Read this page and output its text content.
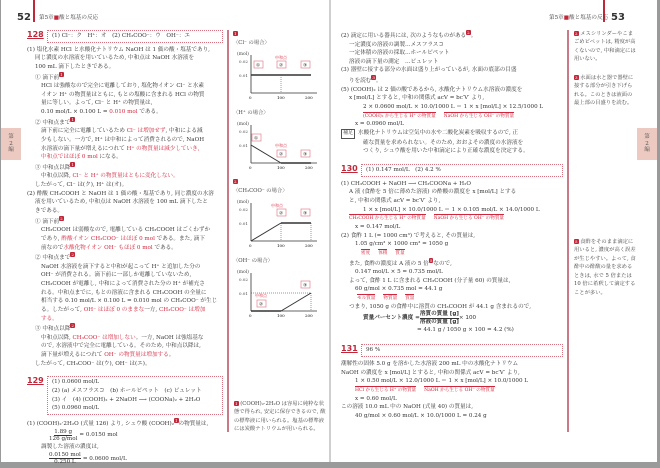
52 第5章■酸と塩基の反応
第
2
編
128	(1) Cl⁻：ク　H⁺：オ　(2) CH₃COO⁻：ウ　OH⁻：エ
(1) 塩化水素 HCl と水酸化ナトリウム NaOH は 1 価の酸・塩基であり,
同じ濃度の水溶液を用いているため, 中和点は NaOH 水溶液を
100 mL 滴下したときである。
① 滴下前1
HCl は強酸なので完全に電離しており, 塩化物イオン Cl⁻ と水素
イオン H⁺ の物質量はともに, もとの塩酸に含まれる HCl の物質
量に等しい。よって, Cl⁻ と H⁺ の物質量は,
0.10 mol/L × 0.100 L = 0.010 mol である。
② 中和点まで1
滴下前に完全に電離しているため Cl⁻ は増加せず, 中和による減
少もしない。一方で, H⁺ は中和によって消費されるので, NaOH
水溶液の滴下量が増えるにつれて H⁺ の物質量は減少していき,
中和点ではほぼ 0 mol になる。
③ 中和点以降1
中和点以降, Cl⁻ と H⁺ の物質量はともに変化しない。
したがって, Cl⁻ は(ク), H⁺ は(オ)。
(2) 酢酸 CH₃COOH と NaOH は 1 価の酸・塩基であり, 同じ濃度の水溶
液を用いているため, 中和点は NaOH 水溶液を 100 mL 滴下したと
きである。
① 滴下前2
CH₃COOH は弱酸なので, 電離している CH₃COOH はごくわずか
であり, 酢酸イオン CH₃COO⁻ はほぼ 0 mol である。また, 滴下
前なので水酸化物イオン OH⁻ もほぼ 0 mol である。
② 中和点まで2
NaOH 水溶液を滴下すると中和が起こって H⁺ と追加した分の
OH⁻ が消費される。滴下前に一部しか電離していないため,
CH₃COOH が電離し, 中和によって消費された分の H⁺ が補充さ
れる。中和点までに, もとの溶液に含まれる CH₃COOH の全量に
相当する 0.10 mol/L × 0.100 L = 0.010 mol の CH₃COO⁻ が生じ
る。したがって, OH⁻ はほぼ 0 のままな一方, CH₃COO⁻ は増加
する。
③ 中和点以降2
中和点以降, CH₃COO⁻ は増加しない。一方, NaOH は強塩基な
ので, 水溶液中で完全に電離している。そのため, 中和点以降は,
滴下量が増えるにつれて OH⁻ の物質量は増加する。
したがって, CH₃COO⁻ は(ウ), OH⁻ は(エ)。
129 (1) 0.0600 mol/L
(2) (a) メスフラスコ　(b) ホールピペット　(c) ビュレット
(3) イ　(4) (COOH)₂ + 2NaOH ⟶ (COONa)₂ + 2H₂O
(5) 0.0960 mol/L
(1) (COOH)₂·2H₂O (式量 126) より, シュウ酸 (COOH)₂1の物質量は,
1.89 g
126 g/mol
= 0.0150 mol
調製した溶液の濃度は,
0.0150 mol
0.250 L
= 0.0600 mol/L
1
〈Cl⁻ の場合〉
(mol)
0.02
0.01
中和点
①	②	③
0	100	200
〈H⁺ の場合〉
(mol)
0.02
0.01	中和点
①
②	③
0	100	200
2
〈CH₃COO⁻ の場合〉
(mol)
0.02
0.01
中和点
②	③
0	100	200
〈OH⁻ の場合〉
(mol)
0.02
0.01 中和点
②
③
0	100	200
1 (COOH)₂·2H₂O は容易に純粋な状態で得られ, 安定に保存できるので, 酸の標準液に用いられる。塩基の標準液には炭酸ナトリウムが用いられる。
53
第5章■酸と塩基の反応
第
2
編
(2) 滴定に用いる器具には, 次のようなものがある2。
一定濃度の溶液の調製…メスフラスコ
一定体積の溶液の採取…ホールピペット
溶液の滴下量の測定　…ビュレット
(3) 器壁に接する部分の水面は盛り上がっているが, 水面の底部の目盛
りを読む3。
(5) (COOH)₂ は 2 価の酸であるから, 水酸化ナトリウム水溶液の濃度を
x [mol/L] とすると, 中和の関係式 acV = bc′V′ より,
2 × 0.0600 mol/L × 10.0/1000 L ＝ 1 × x [mol/L] × 12.5/1000 L
(COOH)₂ から生じる H⁺ の物質量 NaOH から生じる OH⁻ の物質量
x = 0.0960 mol/L
補足 水酸化ナトリウムは空気中の水や二酸化炭素を吸収するので, 正
確な質量を求められない。そのため, おおよその濃度の水溶液を
つくり, シュウ酸を用いた中和滴定により正確な濃度を決定する。
130	(1) 0.147 mol/L　(2) 4.2 %
(1) CH₃COOH + NaOH ⟶ CH₃COONa + H₂O
A 液 (食酢を 5 倍に薄めた溶液) の酢酸の濃度を x [mol/L] とする
と, 中和の関係式 acV = bc′V′ より,
1 × x [mol/L] × 10.0/1000 L ＝ 1 × 0.105 mol/L × 14.0/1000 L
CH₃COOH から生じる H⁺ の物質量 NaOH から生じる OH⁻ の物質量
x = 0.147 mol/L
(2) 食酢 1 L (= 1000 cm³) で考えると, その質量は,
1.05 g/cm³ × 1000 cm³ = 1050 g
密度 体積 質量
また, 食酢の濃度は A 液の 5 倍5なので,
0.147 mol/L × 5 = 0.735 mol/L
よって, 食酢 1 L に含まれる CH₃COOH (分子量 60) の質量は,
60 g/mol × 0.735 mol = 44.1 g
モル質量 物質量 質量
つまり, 1050 g の食酢中に溶質の CH₃COOH が 44.1 g 含まれるので,
質量パーセント濃度 =
溶質の質量 [g]
溶液の質量 [g]
× 100
= 44.1 g / 1050 g × 100 = 4.2 (%)
131	96 %
潮解性の固体 5.0 g を溶かした水溶液 200 mL 中の水酸化ナトリウム
NaOH の濃度を x [mol/L] とすると, 中和の関係式 acV = bc′V′ より,
1 × 0.50 mol/L × 12.0/1000 L ＝ 1 × x [mol/L] × 10.0/1000 L
HCl から生じる H⁺ の物質量 NaOH から生じる OH⁻ の物質量
x = 0.60 mol/L
この溶液 10.0 mL 中の NaOH (式量 40) の質量は,
40 g/mol × 0.60 mol/L × 10.0/1000 L = 0.24 g
2 メスシリンダーやこまごめピペットは, 精度が高くないので, 中和滴定には用いない。
3 水面は水と器で器壁に接する部分が引き下げられる。このときは液面の最上部の目盛りを読む。
5 食酢をそのまま滴定に用いると, 濃度が高く誤差が生じやすい。よって, 食酢中の酢酸の量を求めるときは, 水で 5 倍または 10 倍に希釈して滴定することが多い。
